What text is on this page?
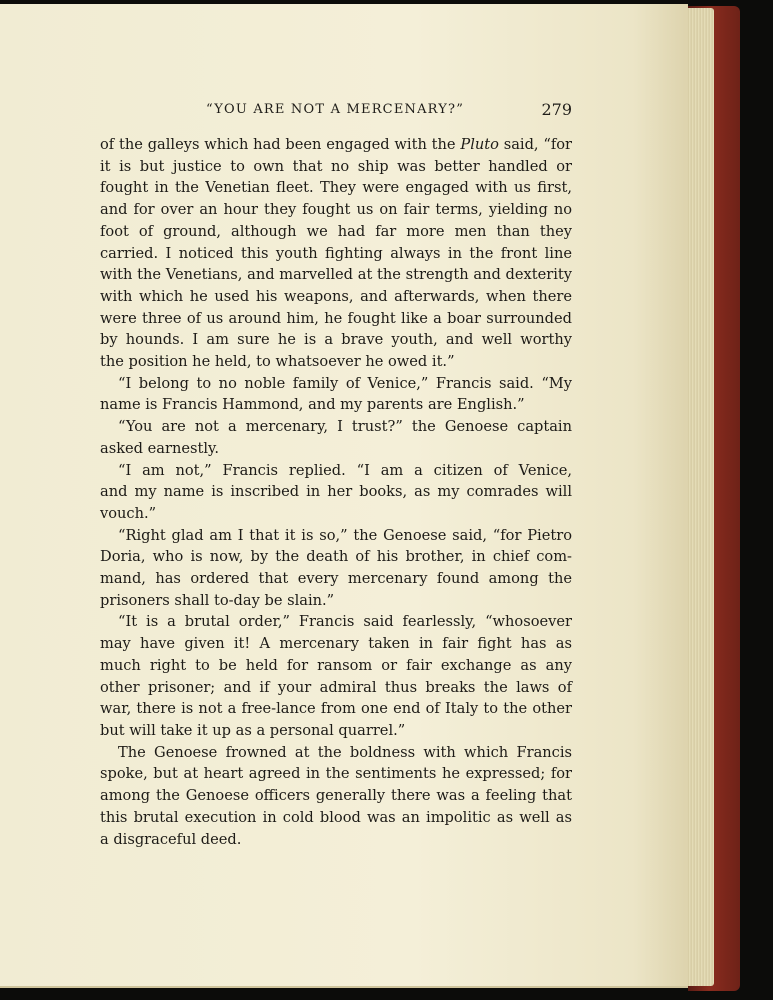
“YOU ARE NOT A MERCENARY?”	279
of the galleys which had been engaged with the Pluto said, “for
it is but justice to own that no ship was better handled or
fought in the Venetian fleet. They were engaged with us first,
and for over an hour they fought us on fair terms, yielding no
foot of ground, although we had far more men than they
carried. I noticed this youth fighting always in the front line
with the Venetians, and marvelled at the strength and dexterity
with which he used his weapons, and afterwards, when there
were three of us around him, he fought like a boar surrounded
by hounds. I am sure he is a brave youth, and well worthy
the position he held, to whatsoever he owed it.”
“I belong to no noble family of Venice,” Francis said. “My
name is Francis Hammond, and my parents are English.”
“You are not a mercenary, I trust?” the Genoese captain
asked earnestly.
“I am not,” Francis replied. “I am a citizen of Venice,
and my name is inscribed in her books, as my comrades will
vouch.”
“Right glad am I that it is so,” the Genoese said, “for Pietro
Doria, who is now, by the death of his brother, in chief com-
mand, has ordered that every mercenary found among the
prisoners shall to-day be slain.”
“It is a brutal order,” Francis said fearlessly, “whosoever
may have given it! A mercenary taken in fair fight has as
much right to be held for ransom or fair exchange as any
other prisoner; and if your admiral thus breaks the laws of
war, there is not a free-lance from one end of Italy to the other
but will take it up as a personal quarrel.”
The Genoese frowned at the boldness with which Francis
spoke, but at heart agreed in the sentiments he expressed; for
among the Genoese officers generally there was a feeling that
this brutal execution in cold blood was an impolitic as well as
a disgraceful deed.
